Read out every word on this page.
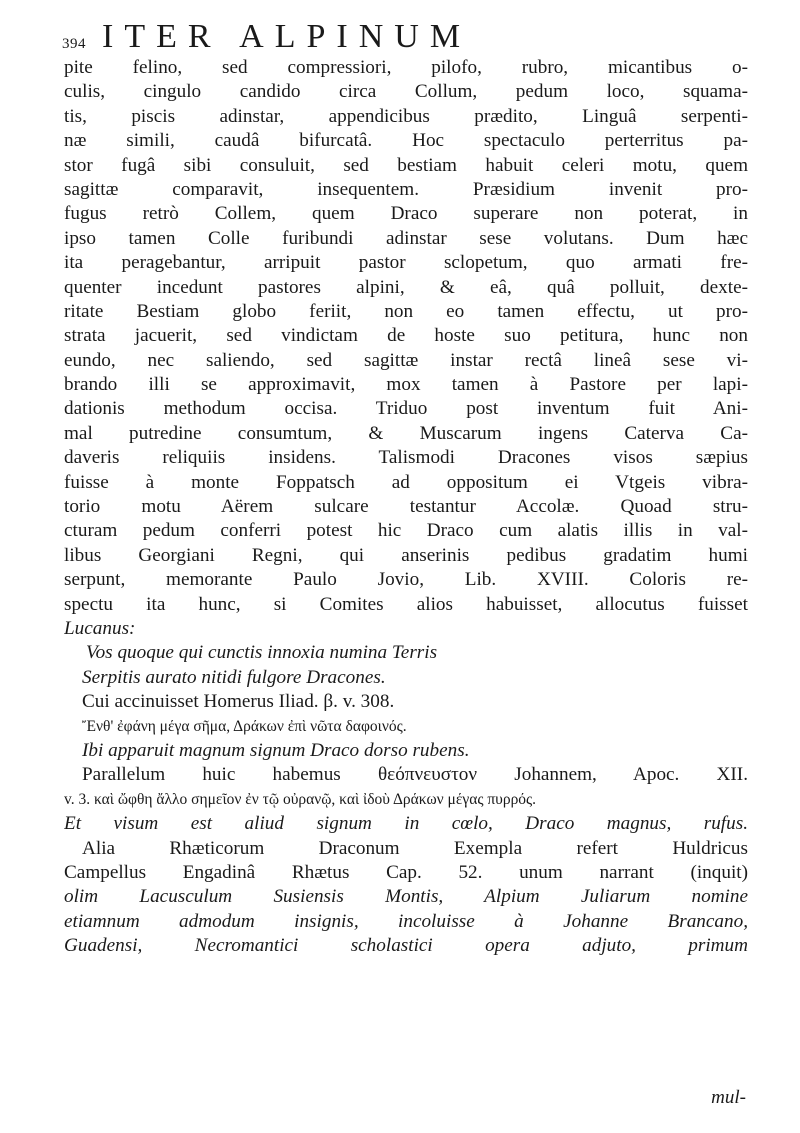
394 ITER ALPINUM
pite felino, sed compressiori, pilofo, rubro, micantibus o-
culis, cingulo candido circa Collum, pedum loco, squama-
tis, piscis adinstar, appendicibus prædito, Linguâ serpenti-
næ simili, caudâ bifurcatâ. Hoc spectaculo perterritus pa-
stor fugâ sibi consuluit, sed bestiam habuit celeri motu, quem
sagittæ comparavit, insequentem. Præsidium invenit pro-
fugus retrò Collem, quem Draco superare non poterat, in
ipso tamen Colle furibundi adinstar sese volutans. Dum hæc
ita peragebantur, arripuit pastor sclopetum, quo armati fre-
quenter incedunt pastores alpini, & eâ, quâ polluit, dexte-
ritate Bestiam globo feriit, non eo tamen effectu, ut pro-
strata jacuerit, sed vindictam de hoste suo petitura, hunc non
eundo, nec saliendo, sed sagittæ instar rectâ lineâ sese vi-
brando illi se approximavit, mox tamen à Pastore per lapi-
dationis methodum occisa. Triduo post inventum fuit Ani-
mal putredine consumtum, & Muscarum ingens Caterva Ca-
daveris reliquiis insidens. Talismodi Dracones visos sæpius
fuisse à monte Foppatsch ad oppositum ei Vtgeis vibra-
torio motu Aërem sulcare testantur Accolæ. Quoad stru-
cturam pedum conferri potest hic Draco cum alatis illis in val-
libus Georgiani Regni, qui anserinis pedibus gradatim humi
serpunt, memorante Paulo Jovio, Lib. XVIII. Coloris re-
spectu ita hunc, si Comites alios habuisset, allocutus fuisset
Lucanus:
Vos quoque qui cunctis innoxia numina Terris
Serpitis aurato nitidi fulgore Dracones.
Cui accinuisset Homerus Iliad. β. v. 308.
Ἔνθ' ἐφάνη μέγα σῆμα, Δράκων ἐπὶ νῶτα δαφοινός.
Ibi apparuit magnum signum Draco dorso rubens.
Parallelum huic habemus θεόπνευστον Johannem, Apoc. XII.
v. 3. καὶ ὤφθη ἄλλο σημεῖον ἐν τῷ οὐρανῷ, καὶ ἰδοὺ Δράκων μέγας πυρρός.
Et visum est aliud signum in cœlo, Draco magnus, rufus.
Alia Rhæticorum Draconum Exempla refert Huldricus
Campellus Engadinâ Rhætus Cap. 52. unum narrant (inquit)
olim Lacusculum Susiensis Montis, Alpium Juliarum nomine
etiamnum admodum insignis, incoluisse à Johanne Brancano,
Guadensi, Necromantici scholastici opera adjuto, primum
mul-
